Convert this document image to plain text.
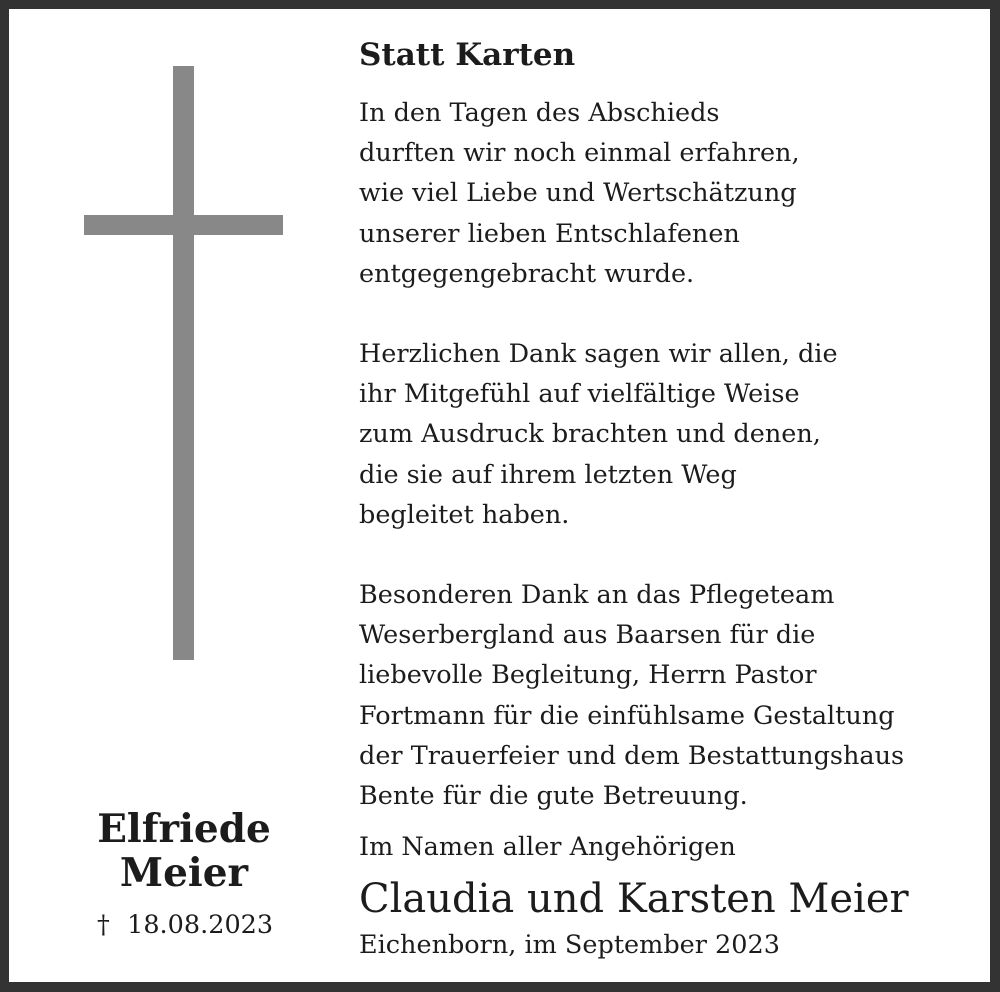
Statt Karten

In den Tagen des Abschieds
durften wir noch einmal erfahren,
wie viel Liebe und Wertschätzung
unserer lieben Entschlafenen
entgegengebracht wurde.

Herzlichen Dank sagen wir allen, die
ihr Mitgefühl auf vielfältige Weise
zum Ausdruck brachten und denen,
die sie auf ihrem letzten Weg
begleitet haben.

Besonderen Dank an das Pflegeteam
Weserbergland aus Baarsen für die
liebevolle Begleitung, Herrn Pastor
Fortmann für die einfühlsame Gestaltung
der Trauerfeier und dem Bestattungshaus
Bente für die gute Betreuung.

Im Namen aller Angehörigen
Claudia und Karsten Meier
Eichenborn, im September 2023
Elfriede
Meier
† 18.08.2023
